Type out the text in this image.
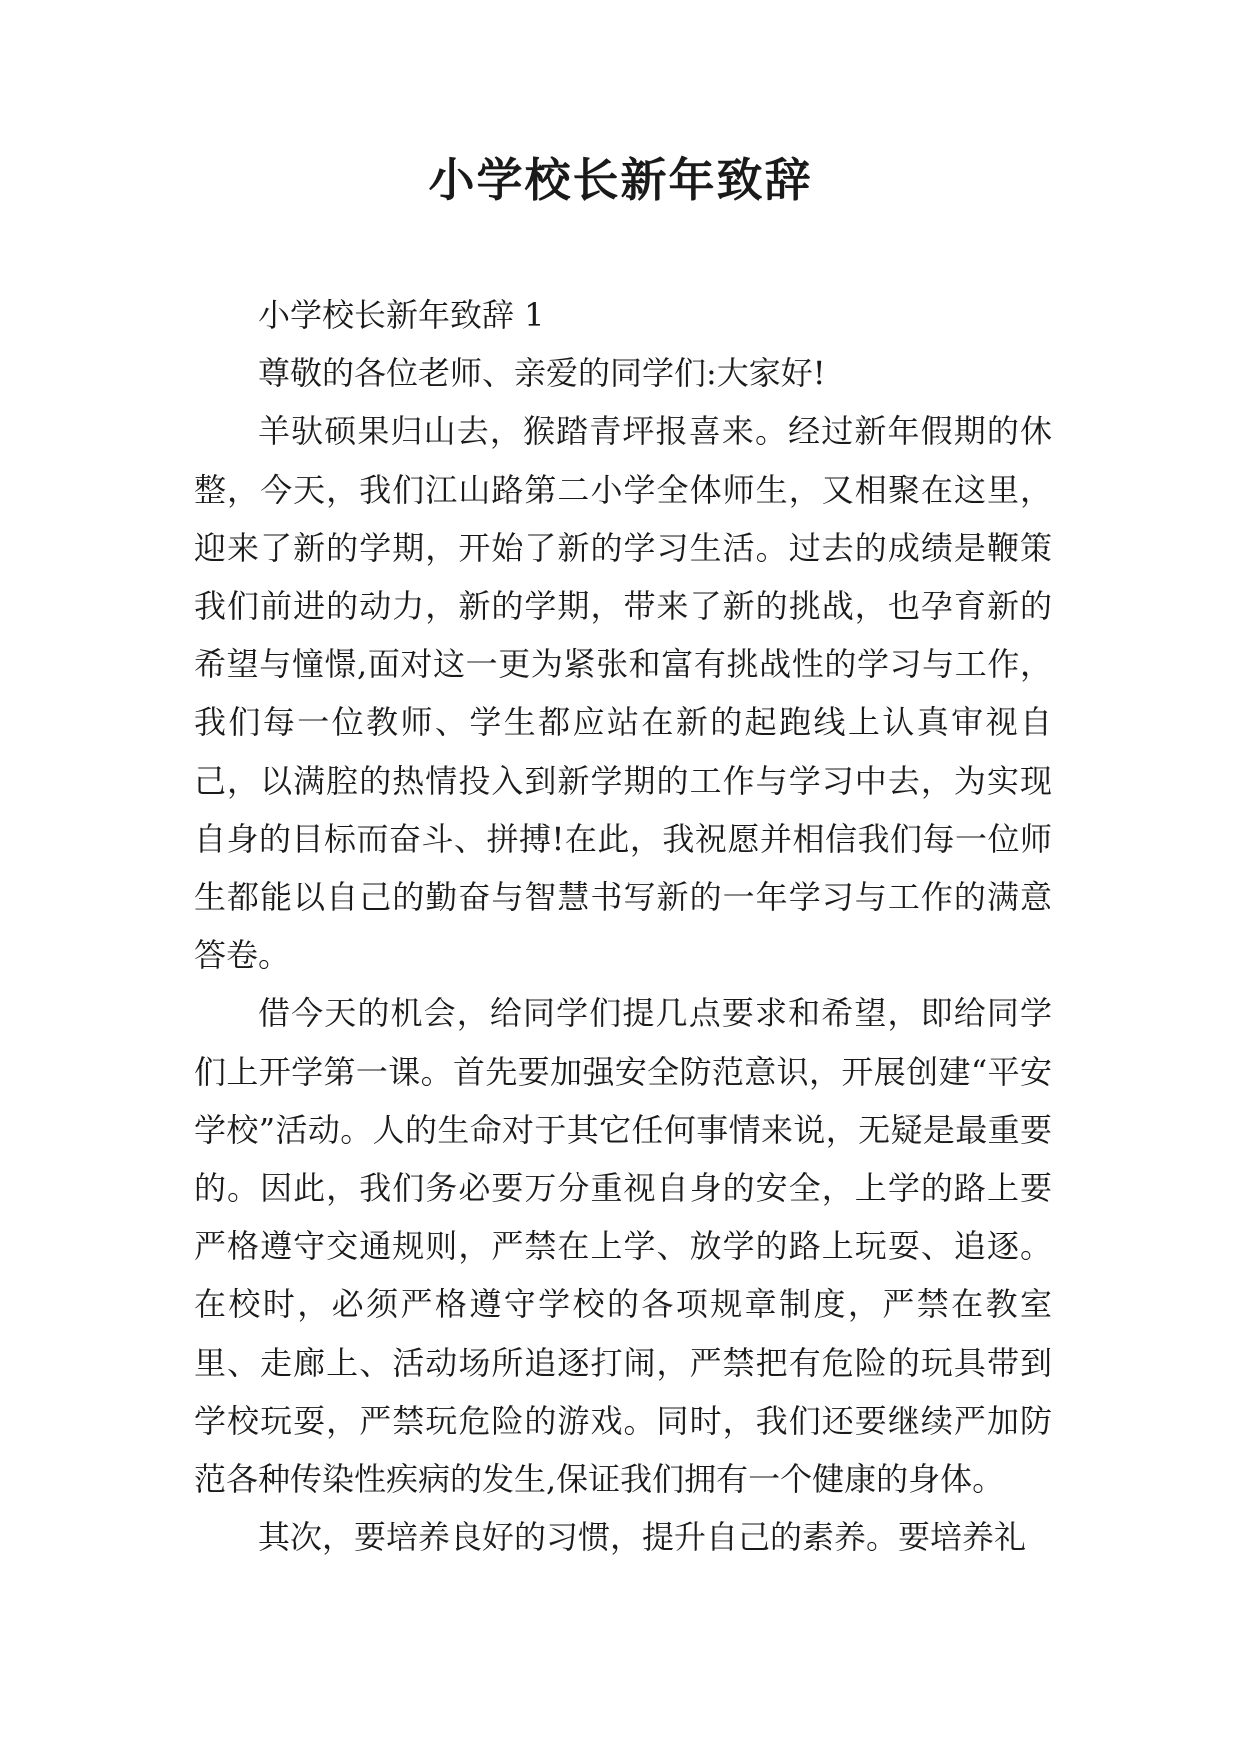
小学校长新年致辞

小学校长新年致辞 1

尊敬的各位老师、亲爱的同学们:大家好!

羊驮硕果归山去，猴踏青坪报喜来。经过新年假期的休整，今天，我们江山路第二小学全体师生，又相聚在这里，迎来了新的学期，开始了新的学习生活。过去的成绩是鞭策我们前进的动力，新的学期，带来了新的挑战，也孕育新的希望与憧憬,面对这一更为紧张和富有挑战性的学习与工作，我们每一位教师、学生都应站在新的起跑线上认真审视自己，以满腔的热情投入到新学期的工作与学习中去，为实现自身的目标而奋斗、拼搏!在此，我祝愿并相信我们每一位师生都能以自己的勤奋与智慧书写新的一年学习与工作的满意答卷。

借今天的机会，给同学们提几点要求和希望，即给同学们上开学第一课。首先要加强安全防范意识，开展创建“平安学校”活动。人的生命对于其它任何事情来说，无疑是最重要的。因此，我们务必要万分重视自身的安全，上学的路上要严格遵守交通规则，严禁在上学、放学的路上玩耍、追逐。在校时，必须严格遵守学校的各项规章制度，严禁在教室里、走廊上、活动场所追逐打闹，严禁把有危险的玩具带到学校玩耍，严禁玩危险的游戏。同时，我们还要继续严加防范各种传染性疾病的发生,保证我们拥有一个健康的身体。

其次，要培养良好的习惯，提升自己的素养。要培养礼
